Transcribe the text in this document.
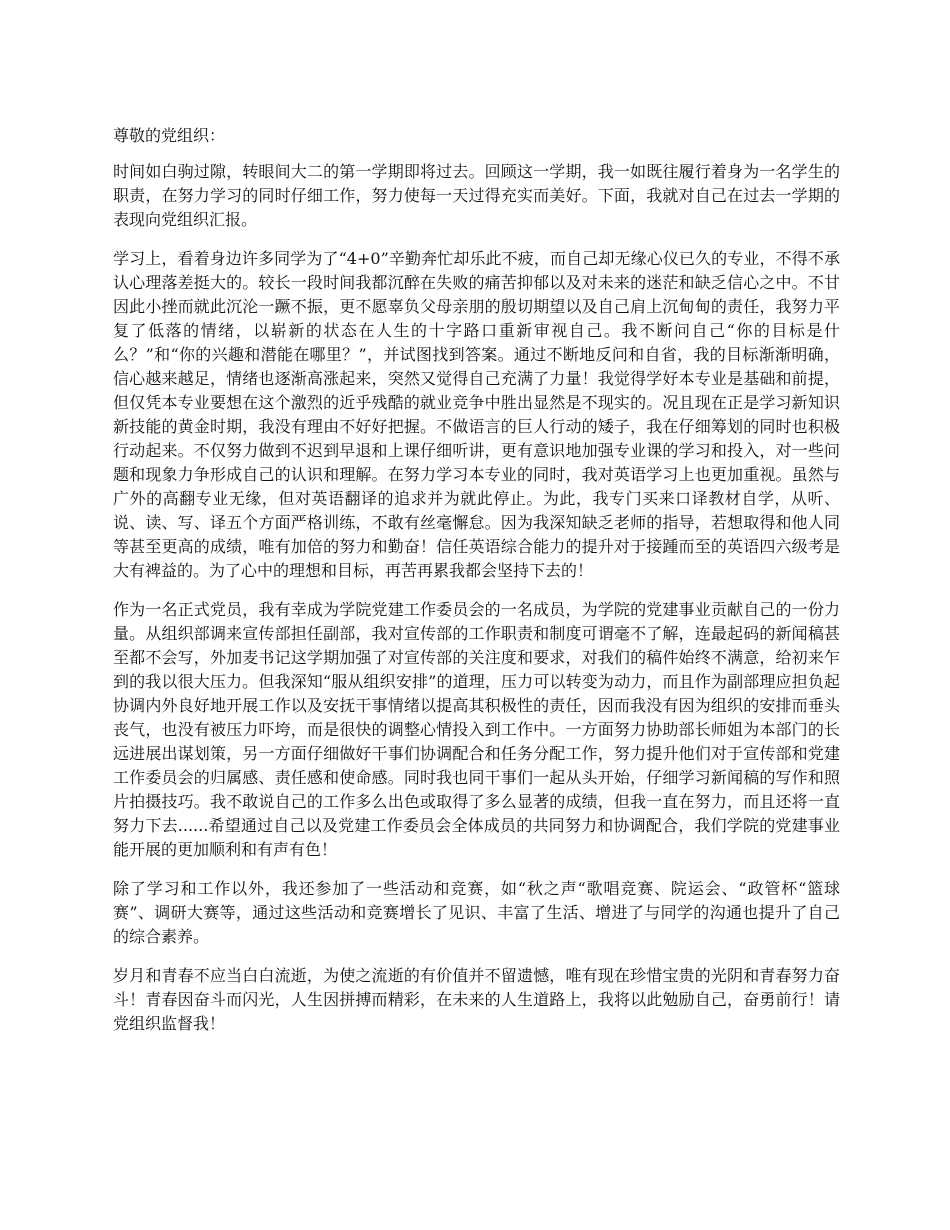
尊敬的党组织：

时间如白驹过隙，转眼间大二的第一学期即将过去。回顾这一学期，我一如既往履行着身为一名学生的职责，在努力学习的同时仔细工作，努力使每一天过得充实而美好。下面，我就对自己在过去一学期的表现向党组织汇报。

学习上，看着身边许多同学为了“4+0”辛勤奔忙却乐此不疲，而自己却无缘心仪已久的专业，不得不承认心理落差挺大的。较长一段时间我都沉醉在失败的痛苦抑郁以及对未来的迷茫和缺乏信心之中。不甘因此小挫而就此沉沦一蹶不振，更不愿辜负父母亲朋的殷切期望以及自己肩上沉甸甸的责任，我努力平复了低落的情绪，以崭新的状态在人生的十字路口重新审视自己。我不断问自己“你的目标是什么？”和“你的兴趣和潜能在哪里？”，并试图找到答案。通过不断地反问和自省，我的目标渐渐明确，信心越来越足，情绪也逐渐高涨起来，突然又觉得自己充满了力量！我觉得学好本专业是基础和前提，但仅凭本专业要想在这个激烈的近乎残酷的就业竞争中胜出显然是不现实的。况且现在正是学习新知识新技能的黄金时期，我没有理由不好好把握。不做语言的巨人行动的矮子，我在仔细筹划的同时也积极行动起来。不仅努力做到不迟到早退和上课仔细听讲，更有意识地加强专业课的学习和投入，对一些问题和现象力争形成自己的认识和理解。在努力学习本专业的同时，我对英语学习上也更加重视。虽然与广外的高翻专业无缘，但对英语翻译的追求并为就此停止。为此，我专门买来口译教材自学，从听、说、读、写、译五个方面严格训练，不敢有丝毫懈怠。因为我深知缺乏老师的指导，若想取得和他人同等甚至更高的成绩，唯有加倍的努力和勤奋！信任英语综合能力的提升对于接踵而至的英语四六级考是大有裨益的。为了心中的理想和目标，再苦再累我都会坚持下去的！

作为一名正式党员，我有幸成为学院党建工作委员会的一名成员，为学院的党建事业贡献自己的一份力量。从组织部调来宣传部担任副部，我对宣传部的工作职责和制度可谓毫不了解，连最起码的新闻稿甚至都不会写，外加麦书记这学期加强了对宣传部的关注度和要求，对我们的稿件始终不满意，给初来乍到的我以很大压力。但我深知“服从组织安排”的道理，压力可以转变为动力，而且作为副部理应担负起协调内外良好地开展工作以及安抚干事情绪以提高其积极性的责任，因而我没有因为组织的安排而垂头丧气，也没有被压力吓垮，而是很快的调整心情投入到工作中。一方面努力协助部长师姐为本部门的长远进展出谋划策，另一方面仔细做好干事们协调配合和任务分配工作，努力提升他们对于宣传部和党建工作委员会的归属感、责任感和使命感。同时我也同干事们一起从头开始，仔细学习新闻稿的写作和照片拍摄技巧。我不敢说自己的工作多么出色或取得了多么显著的成绩，但我一直在努力，而且还将一直努力下去......希望通过自己以及党建工作委员会全体成员的共同努力和协调配合，我们学院的党建事业能开展的更加顺利和有声有色！

除了学习和工作以外，我还参加了一些活动和竞赛，如“秋之声“歌唱竞赛、院运会、“政管杯“篮球赛”、调研大赛等，通过这些活动和竞赛增长了见识、丰富了生活、增进了与同学的沟通也提升了自己的综合素养。

岁月和青春不应当白白流逝，为使之流逝的有价值并不留遗憾，唯有现在珍惜宝贵的光阴和青春努力奋斗！青春因奋斗而闪光，人生因拼搏而精彩，在未来的人生道路上，我将以此勉励自己，奋勇前行！请党组织监督我！
